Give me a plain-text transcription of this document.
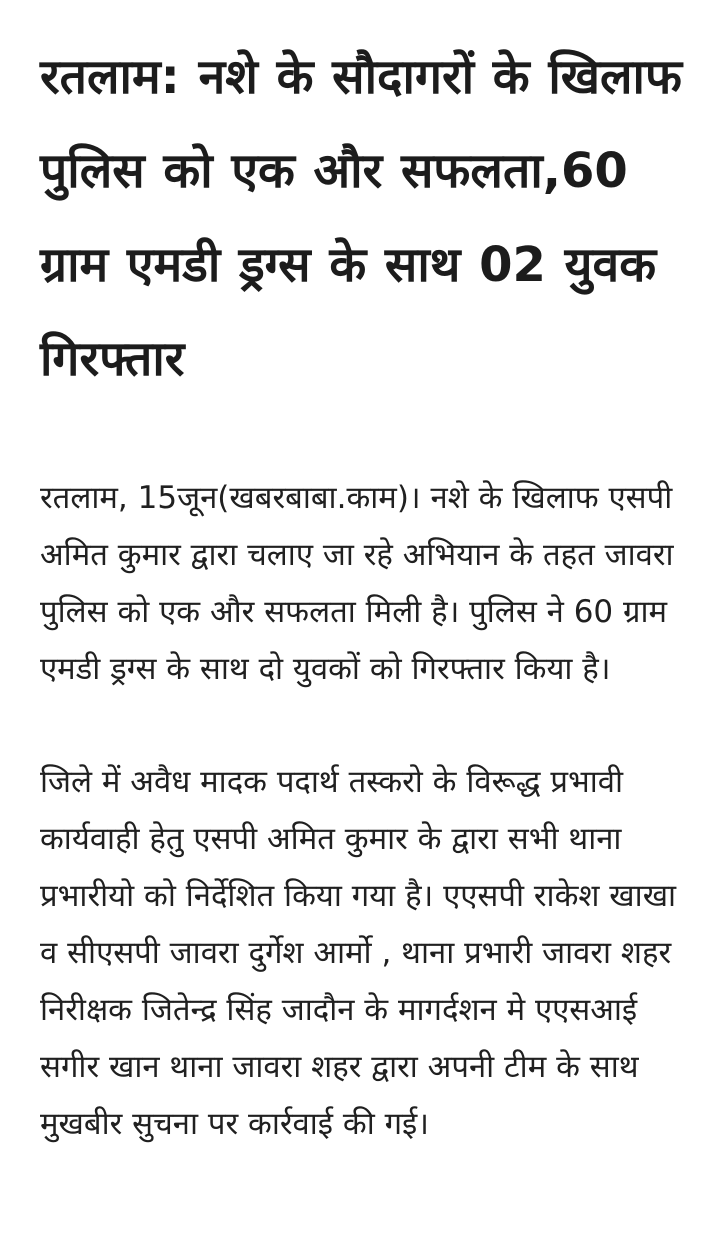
रतलाम: नशे के सौदागरों के खिलाफ पुलिस को एक और सफलता,60 ग्राम एमडी ड्रग्स के साथ 02 युवक गिरफ्तार

रतलाम, 15जून(खबरबाबा.काम)। नशे के खिलाफ एसपी अमित कुमार द्वारा चलाए जा रहे अभियान के तहत जावरा पुलिस को एक और सफलता मिली है। पुलिस ने 60 ग्राम एमडी ड्रग्स के साथ दो युवकों को गिरफ्तार किया है।

जिले में अवैध मादक पदार्थ तस्करो के विरूद्ध प्रभावी कार्यवाही हेतु एसपी अमित कुमार के द्वारा सभी थाना प्रभारीयो को निर्देशित किया गया है। एएसपी राकेश खाखा व सीएसपी जावरा दुर्गेश आर्मो , थाना प्रभारी जावरा शहर निरीक्षक जितेन्द्र सिंह जादौन के मागर्दशन मे एएसआई सगीर खान थाना जावरा शहर द्वारा अपनी टीम के साथ मुखबीर सुचना पर कार्रवाई की गई।
